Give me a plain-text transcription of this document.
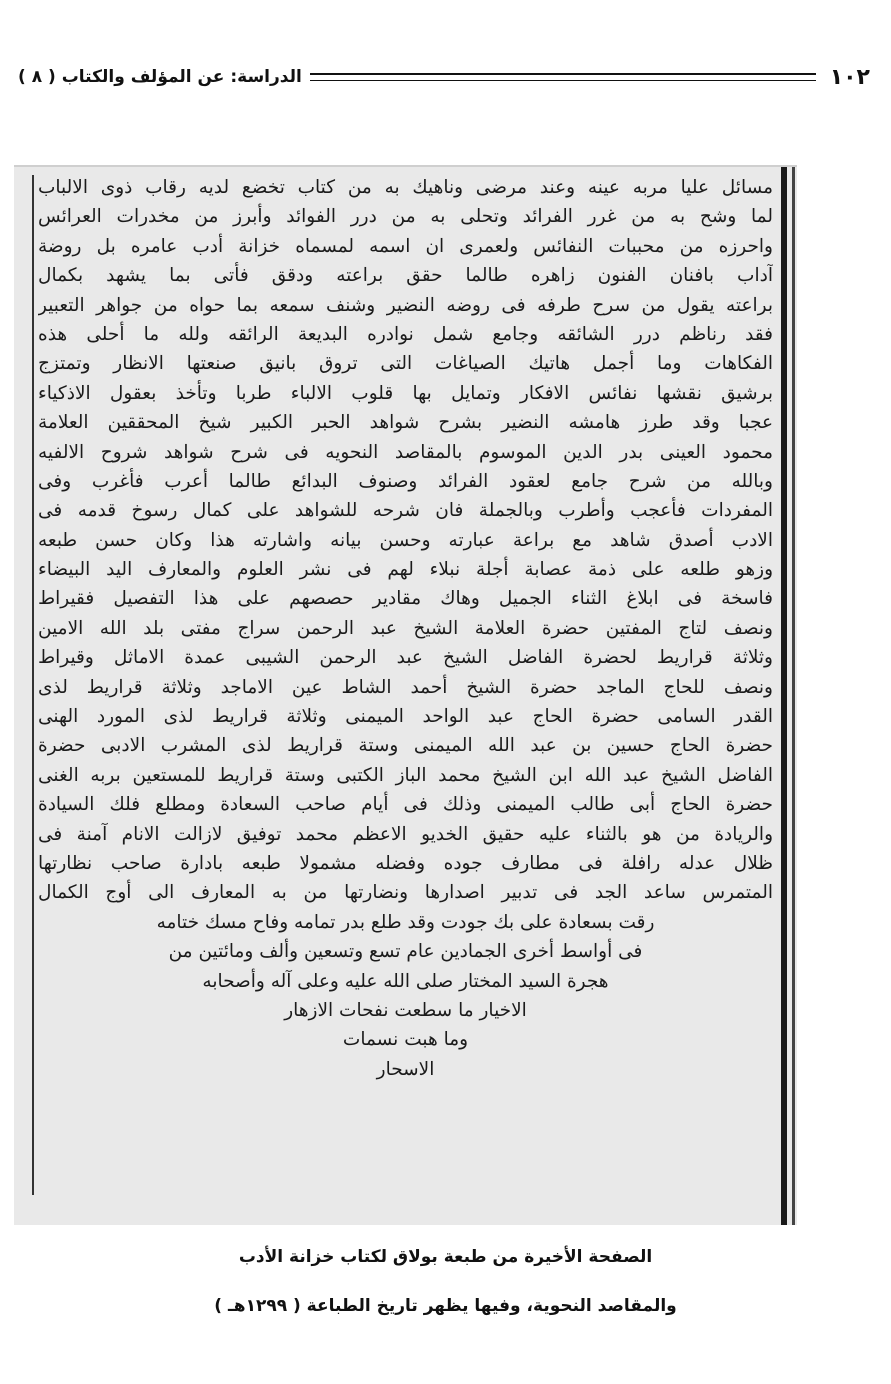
١٠٢
الدراسة: عن المؤلف والكتاب ( ٨ )
مسائل عليا مربه عينه وعند مرضى وناهيك به من كتاب تخضع لديه رقاب ذوى الالباب
لما وشح به من غرر الفرائد وتحلى به من درر الفوائد وأبرز من مخدرات العرائس
واحرزه من محببات النفائس ولعمرى ان اسمه لمسماه خزانة أدب عامره بل روضة
آداب بافنان الفنون زاهره طالما حقق براعته ودقق فأتى بما يشهد بكمال
براعته يقول من سرح طرفه فى روضه النضير وشنف سمعه بما حواه من جواهر التعبير
فقد رناظم درر الشائقه وجامع شمل نوادره البديعة الرائقه ولله ما أحلى هذه
الفكاهات وما أجمل هاتيك الصياغات التى تروق بانيق صنعتها الانظار وتمتزج
برشيق نقشها نفائس الافكار وتمايل بها قلوب الالباء طربا وتأخذ بعقول الاذكياء
عجبا وقد طرز هامشه النضير بشرح شواهد الحبر الكبير شيخ المحققين العلامة
محمود العينى بدر الدين الموسوم بالمقاصد النحويه فى شرح شواهد شروح الالفيه
وبالله من شرح جامع لعقود الفرائد وصنوف البدائع طالما أعرب فأغرب وفى
المفردات فأعجب وأطرب وبالجملة فان شرحه للشواهد على كمال رسوخ قدمه فى
الادب أصدق شاهد مع براعة عبارته وحسن بيانه واشارته هذا وكان حسن طبعه
وزهو طلعه على ذمة عصابة أجلة نبلاء لهم فى نشر العلوم والمعارف اليد البيضاء
فاسخة فى ابلاغ الثناء الجميل وهاك مقادير حصصهم على هذا التفصيل فقيراط
ونصف لتاج المفتين حضرة العلامة الشيخ عبد الرحمن سراج مفتى بلد الله الامين
وثلاثة قراريط لحضرة الفاضل الشيخ عبد الرحمن الشيبى عمدة الاماثل وقيراط
ونصف للحاج الماجد حضرة الشيخ أحمد الشاط عين الاماجد وثلاثة قراريط لذى
القدر السامى حضرة الحاج عبد الواحد الميمنى وثلاثة قراريط لذى المورد الهنى
حضرة الحاج حسين بن عبد الله الميمنى وستة قراريط لذى المشرب الادبى حضرة
الفاضل الشيخ عبد الله ابن الشيخ محمد الباز الكتبى وستة قراريط للمستعين بربه الغنى
حضرة الحاج أبى طالب الميمنى وذلك فى أيام صاحب السعادة ومطلع فلك السيادة
والريادة من هو بالثناء عليه حقيق الخديو الاعظم محمد توفيق لازالت الانام آمنة فى
ظلال عدله رافلة فى مطارف جوده وفضله مشمولا طبعه بادارة صاحب نظارتها
المتمرس ساعد الجد فى تدبير اصدارها ونضارتها من به المعارف الى أوج الكمال
رقت بسعادة على بك جودت وقد طلع بدر تمامه وفاح مسك ختامه
فى أواسط أخرى الجمادين عام تسع وتسعين وألف ومائتين من
هجرة السيد المختار صلى الله عليه وعلى آله وأصحابه
الاخيار ما سطعت نفحات الازهار
وما هبت نسمات
الاسحار
الصفحة الأخيرة من طبعة بولاق لكتاب خزانة الأدب
والمقاصد النحوية، وفيها يظهر تاريخ الطباعة ( ١٢٩٩هـ )
